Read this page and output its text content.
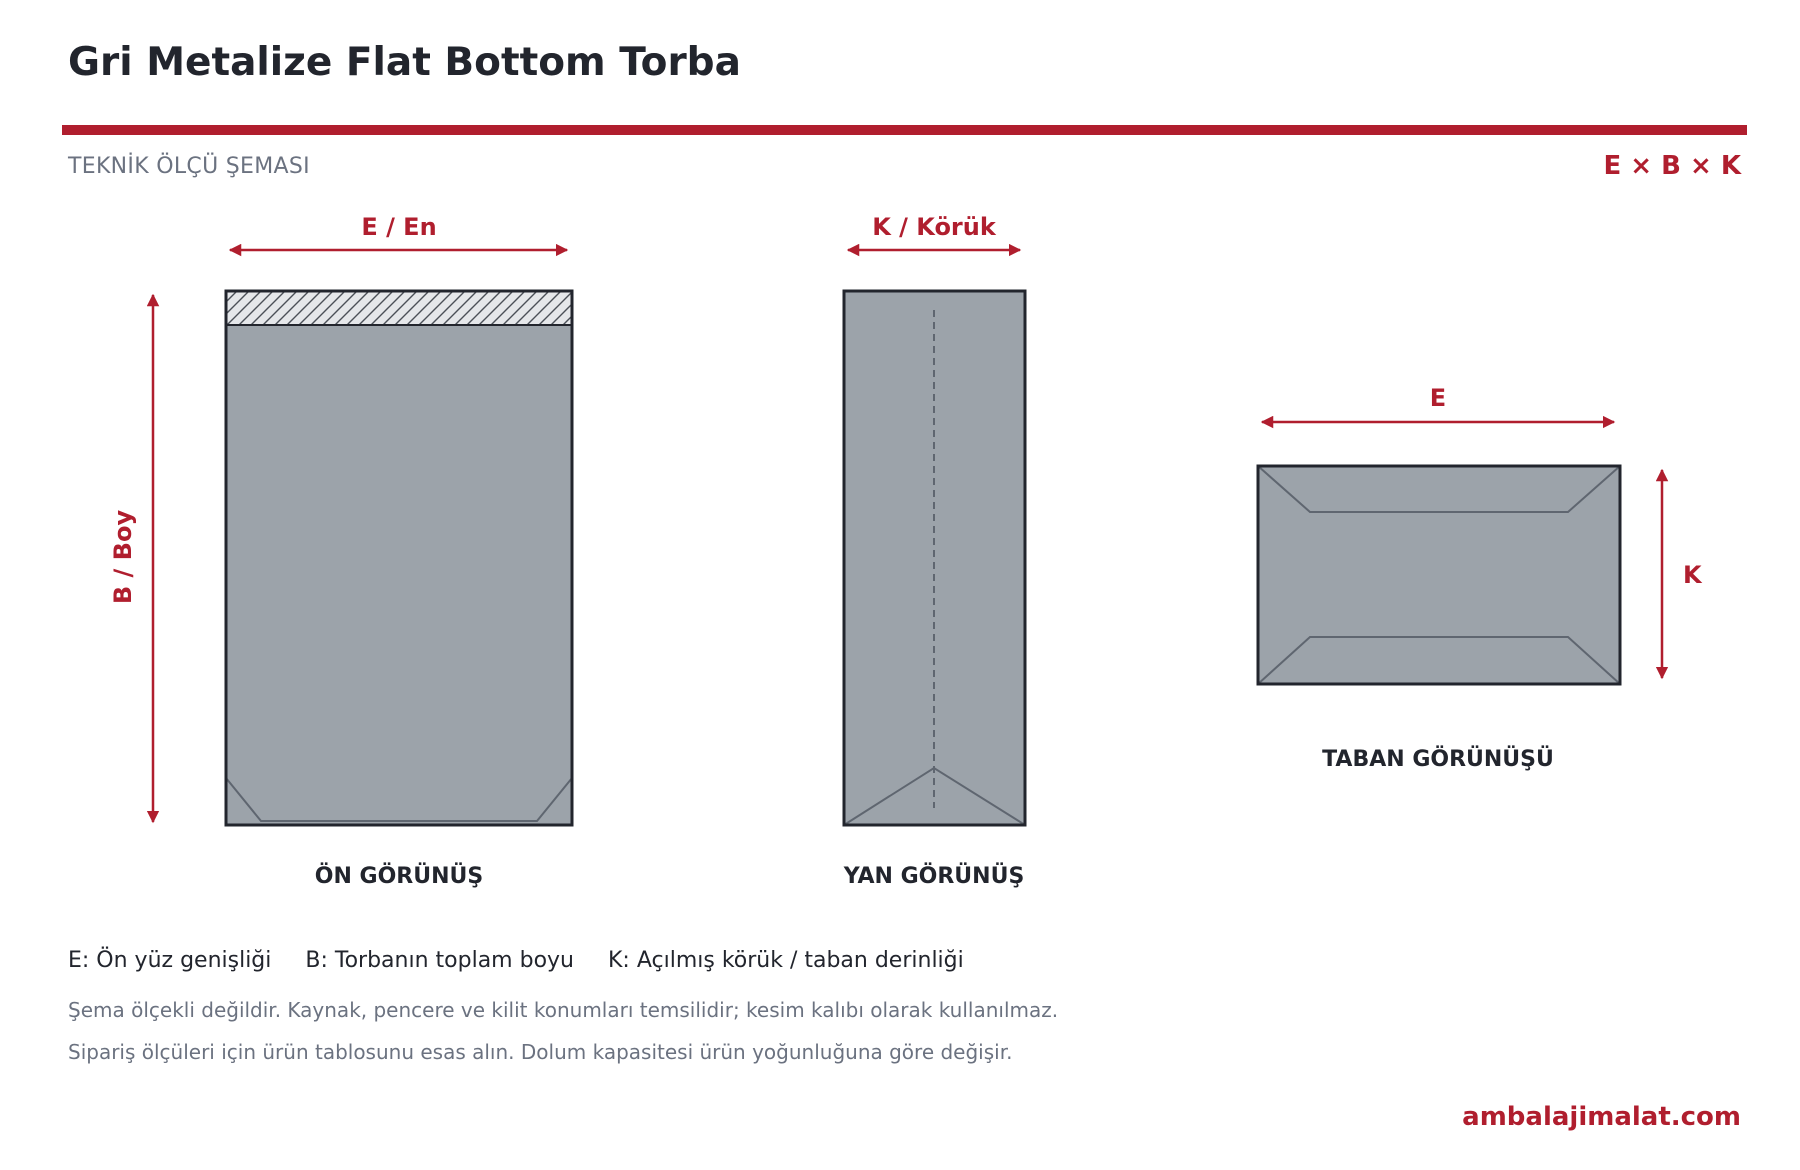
Gri Metalize Flat Bottom Torba
TEKNİK ÖLÇÜ ŞEMASI	E × B × K
E / En
B / Boy
ÖN GÖRÜNÜŞ
K / Körük
YAN GÖRÜNÜŞ
E
K
TABAN GÖRÜNÜŞÜ
E: Ön yüz genişliği B: Torbanın toplam boyu K: Açılmış körük / taban derinliği
Şema ölçekli değildir. Kaynak, pencere ve kilit konumları temsilidir; kesim kalıbı olarak kullanılmaz.
Sipariş ölçüleri için ürün tablosunu esas alın. Dolum kapasitesi ürün yoğunluğuna göre değişir.
ambalajimalat.com
